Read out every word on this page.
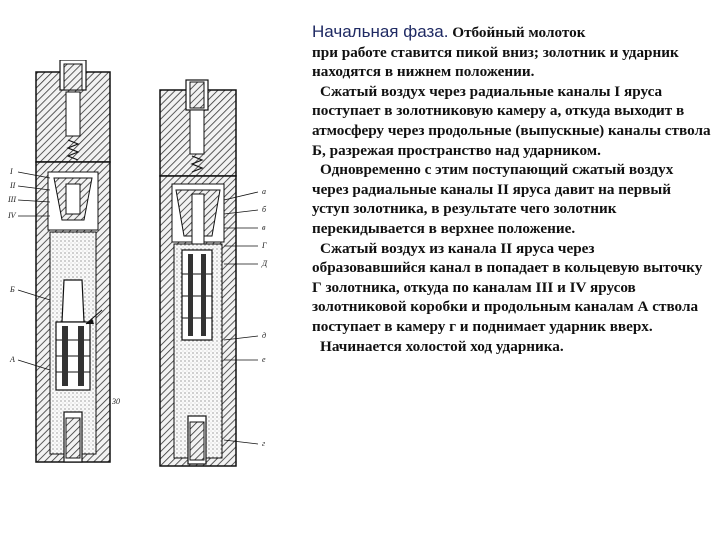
I
II
III
IV
Б
А
30
а
б
в
Г
Д
д
е
г

Начальная фаза. Отбойный молоток

при работе ставится пикой вниз; золотник и ударник находятся в нижнем положении.

Сжатый воздух через радиальные каналы I яруса поступает в золотниковую камеру а, откуда выходит в атмосферу через продольные (выпускные) каналы ствола Б, разрежая пространство над ударником.

Одновременно с этим поступающий сжатый воздух через радиальные каналы II яруса давит на первый уступ золотника, в результате чего золотник перекидывается в верхнее положение.

Сжатый воздух из канала II яруса через образовавшийся канал в попадает в кольцевую выточку Г золотника, откуда по каналам III и IV ярусов золотниковой коробки и продольным каналам А ствола поступает в камеру г и поднимает ударник вверх.

Начинается холостой ход ударника.
